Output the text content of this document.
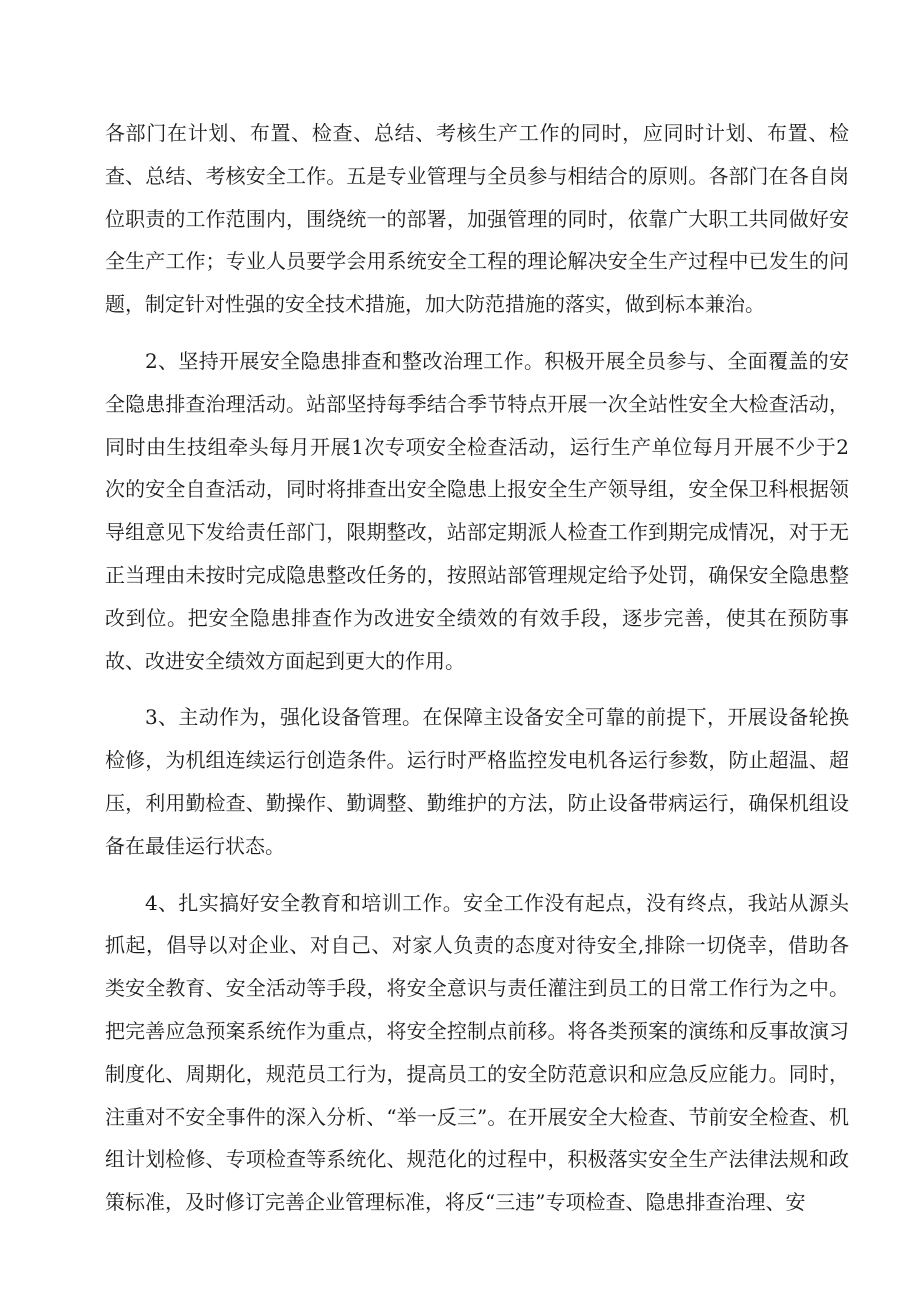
各部门在计划、布置、检查、总结、考核生产工作的同时，应同时计划、布置、检查、总结、考核安全工作。五是专业管理与全员参与相结合的原则。各部门在各自岗位职责的工作范围内，围绕统一的部署，加强管理的同时，依靠广大职工共同做好安全生产工作；专业人员要学会用系统安全工程的理论解决安全生产过程中已发生的问题，制定针对性强的安全技术措施，加大防范措施的落实，做到标本兼治。

2、坚持开展安全隐患排查和整改治理工作。积极开展全员参与、全面覆盖的安全隐患排查治理活动。站部坚持每季结合季节特点开展一次全站性安全大检查活动，同时由生技组牵头每月开展1次专项安全检查活动，运行生产单位每月开展不少于2次的安全自查活动，同时将排查出安全隐患上报安全生产领导组，安全保卫科根据领导组意见下发给责任部门，限期整改，站部定期派人检查工作到期完成情况，对于无正当理由未按时完成隐患整改任务的，按照站部管理规定给予处罚，确保安全隐患整改到位。把安全隐患排查作为改进安全绩效的有效手段，逐步完善，使其在预防事故、改进安全绩效方面起到更大的作用。

3、主动作为，强化设备管理。在保障主设备安全可靠的前提下，开展设备轮换检修，为机组连续运行创造条件。运行时严格监控发电机各运行参数，防止超温、超压，利用勤检查、勤操作、勤调整、勤维护的方法，防止设备带病运行，确保机组设备在最佳运行状态。

4、扎实搞好安全教育和培训工作。安全工作没有起点，没有终点，我站从源头抓起，倡导以对企业、对自己、对家人负责的态度对待安全,排除一切侥幸，借助各类安全教育、安全活动等手段，将安全意识与责任灌注到员工的日常工作行为之中。把完善应急预案系统作为重点，将安全控制点前移。将各类预案的演练和反事故演习制度化、周期化，规范员工行为，提高员工的安全防范意识和应急反应能力。同时，注重对不安全事件的深入分析、“举一反三”。在开展安全大检查、节前安全检查、机组计划检修、专项检查等系统化、规范化的过程中，积极落实安全生产法律法规和政策标准，及时修订完善企业管理标准，将反“三违”专项检查、隐患排查治理、安
